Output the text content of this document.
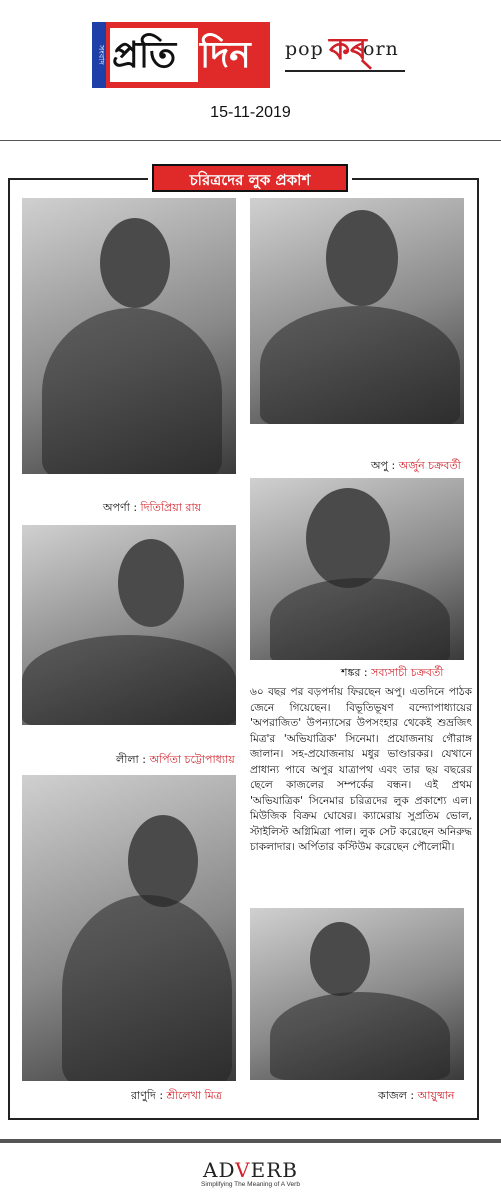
সংবাদ প্রতি দিন pop কৰ্
orn
15-11-2019
চরিত্রদের লুক প্রকাশ
অপর্ণা : দিতিপ্রিয়া রায়
অপু : অর্জুন চক্রবর্তী
শঙ্কর : সব্যসাচী চক্রবর্তী
লীলা : অর্পিতা চট্টোপাধ্যায়
রাণুদি : শ্রীলেখা মিত্র	কাজল : আয়ুষ্মান
৬০ বছর পর বড়পর্দায় ফিরছেন অপু। এতদিনে পাঠক জেনে গিয়েছেন। বিভূতিভূষণ বন্দ্যোপাধ্যায়ের 'অপরাজিত' উপন্যাসের উপসংহার থেকেই শুভ্রজিৎ মিত্র'র 'অভিযাত্রিক' সিনেমা। প্রযোজনায় গৌরাঙ্গ জালান। সহ-প্রযোজনায় মধুর ভাণ্ডারকর। যেখানে প্রাধান্য পাবে অপুর যাত্রাপথ এবং তার ছয় বছরের ছেলে কাজলের সম্পর্কের বন্ধন। এই প্রথম 'অভিযাত্রিক' সিনেমার চরিত্রদের লুক প্রকাশ্যে এল। মিউজিক বিক্রম ঘোষের। ক্যামেরায় সুপ্রতিম ভোল, স্টাইলিস্ট অগ্নিমিত্রা পাল। লুক সেট করেছেন অনিরুদ্ধ চাকলাদার। অর্পিতার কস্টিউম করেছেন পৌলোমী।
ADVERB
Simplifying The Meaning of A Verb
